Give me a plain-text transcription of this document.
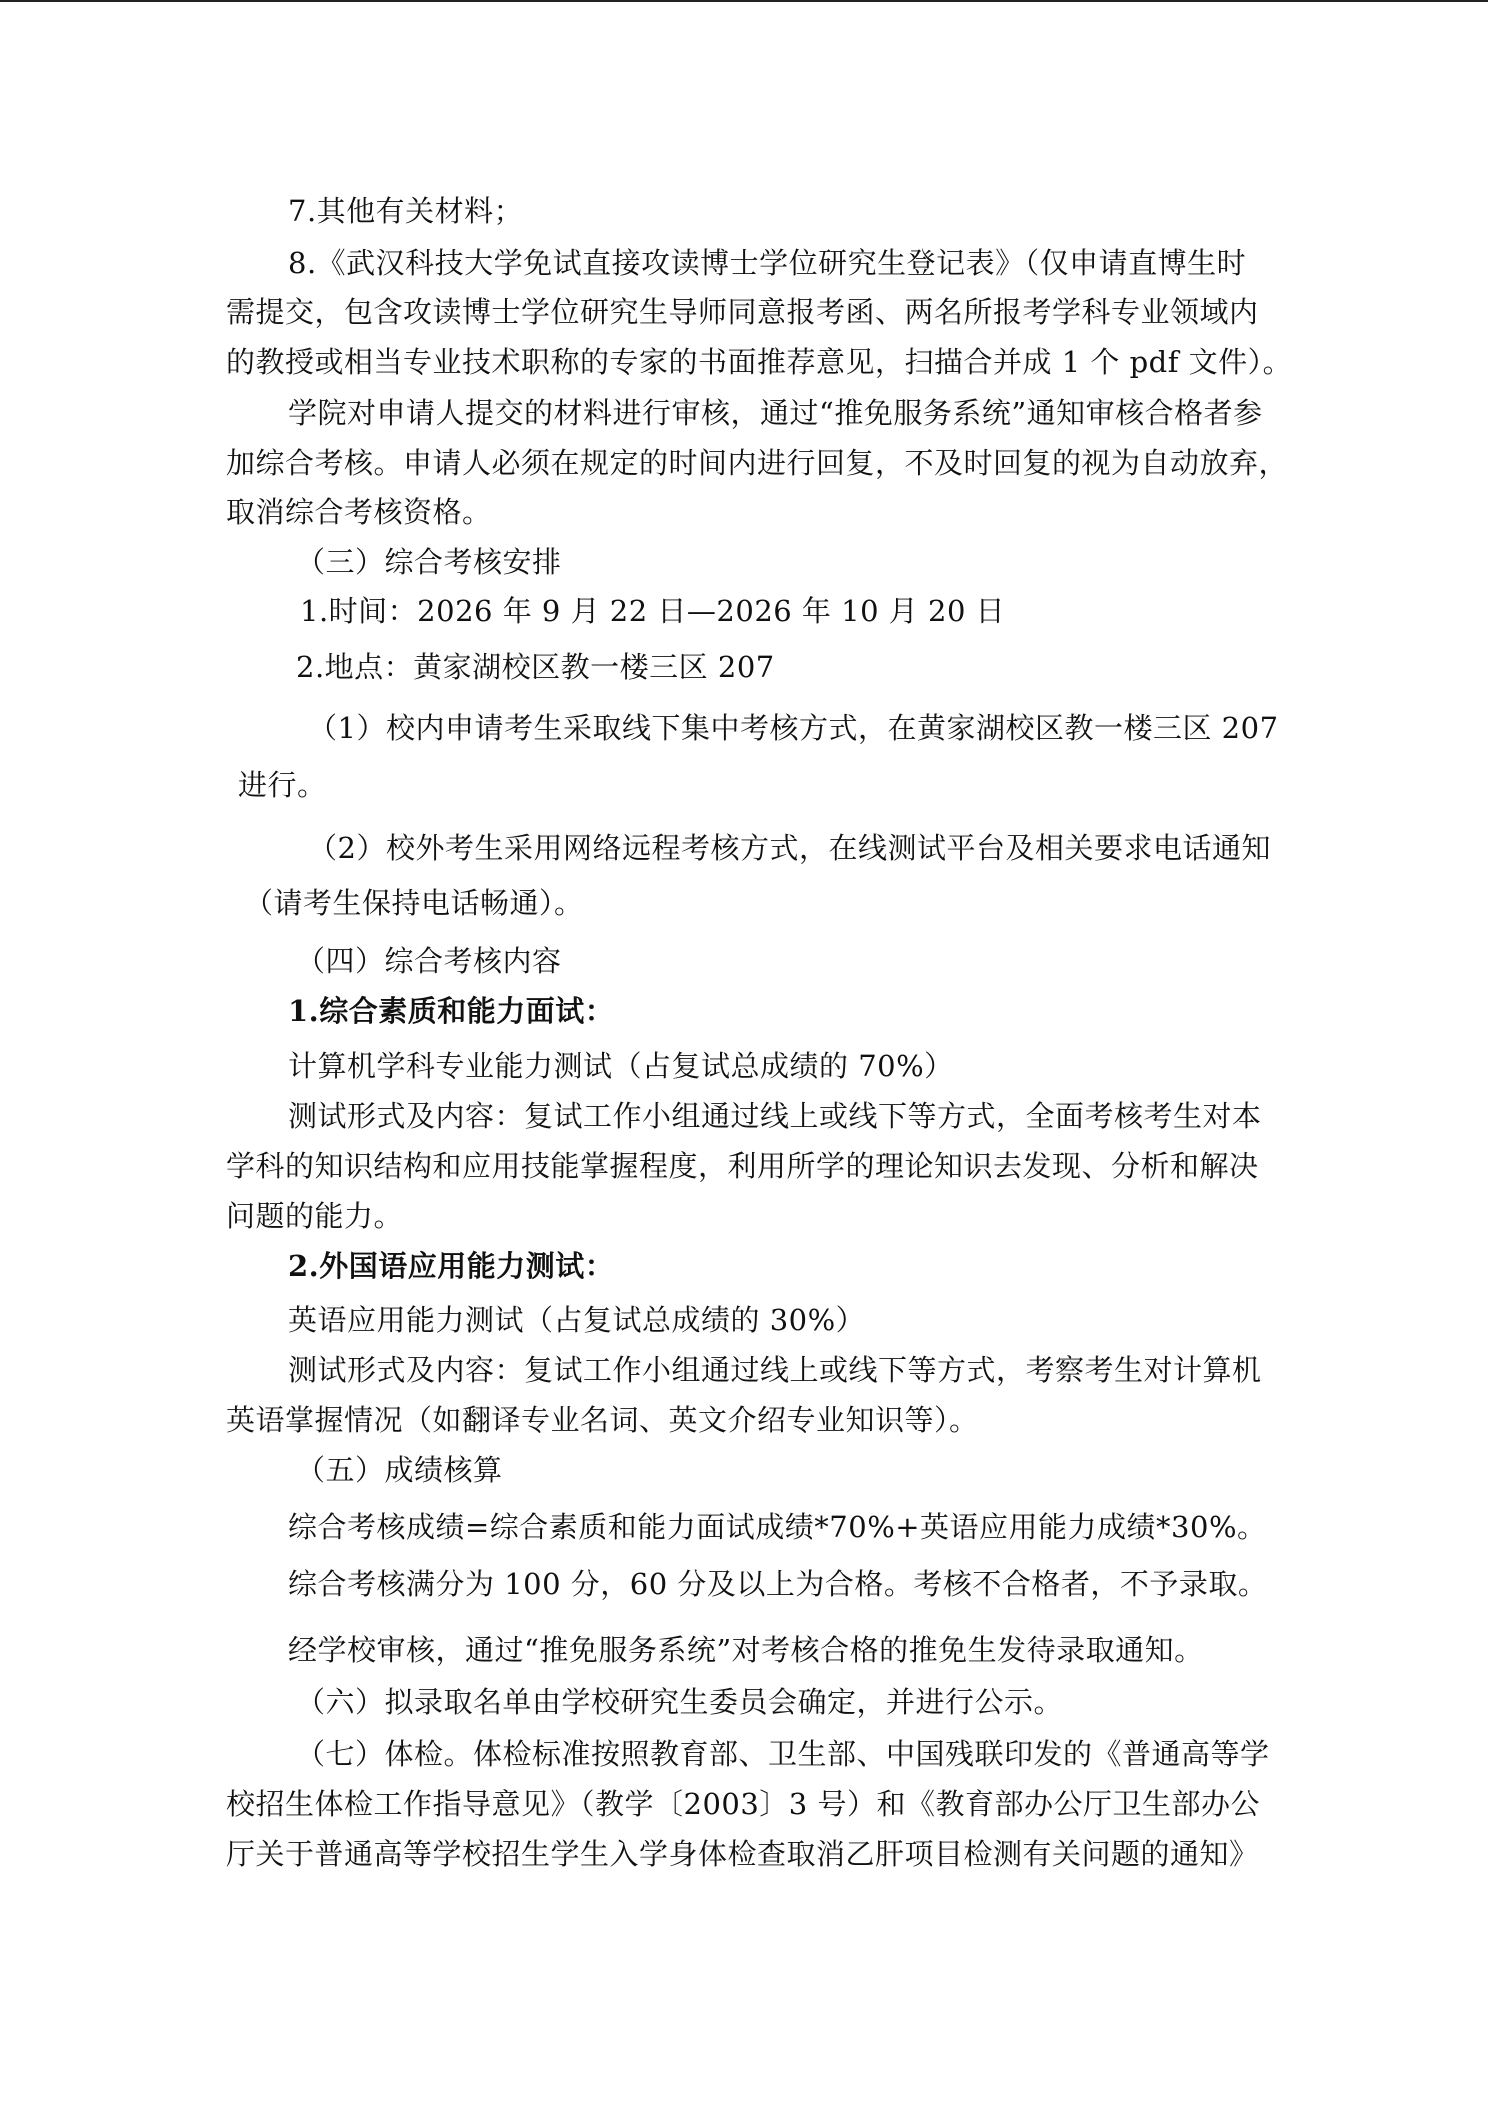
7.其他有关材料；
8.《武汉科技大学免试直接攻读博士学位研究生登记表》（仅申请直博生时
需提交，包含攻读博士学位研究生导师同意报考函、两名所报考学科专业领域内
的教授或相当专业技术职称的专家的书面推荐意见，扫描合并成 1 个 pdf 文件）。
学院对申请人提交的材料进行审核，通过“推免服务系统”通知审核合格者参
加综合考核。申请人必须在规定的时间内进行回复，不及时回复的视为自动放弃，
取消综合考核资格。
（三）综合考核安排
1.时间：2026 年 9 月 22 日—2026 年 10 月 20 日
2.地点：黄家湖校区教一楼三区 207
（1）校内申请考生采取线下集中考核方式，在黄家湖校区教一楼三区 207
进行。
（2）校外考生采用网络远程考核方式，在线测试平台及相关要求电话通知
（请考生保持电话畅通）。
（四）综合考核内容
1.综合素质和能力面试：
计算机学科专业能力测试（占复试总成绩的 70%）
测试形式及内容：复试工作小组通过线上或线下等方式，全面考核考生对本
学科的知识结构和应用技能掌握程度，利用所学的理论知识去发现、分析和解决
问题的能力。
2.外国语应用能力测试：
英语应用能力测试（占复试总成绩的 30%）
测试形式及内容：复试工作小组通过线上或线下等方式，考察考生对计算机
英语掌握情况（如翻译专业名词、英文介绍专业知识等）。
（五）成绩核算
综合考核成绩=综合素质和能力面试成绩*70%+英语应用能力成绩*30%。
综合考核满分为 100 分，60 分及以上为合格。考核不合格者，不予录取。
经学校审核，通过“推免服务系统”对考核合格的推免生发待录取通知。
（六）拟录取名单由学校研究生委员会确定，并进行公示。
（七）体检。体检标准按照教育部、卫生部、中国残联印发的《普通高等学
校招生体检工作指导意见》（教学〔2003〕3 号）和《教育部办公厅卫生部办公
厅关于普通高等学校招生学生入学身体检查取消乙肝项目检测有关问题的通知》
